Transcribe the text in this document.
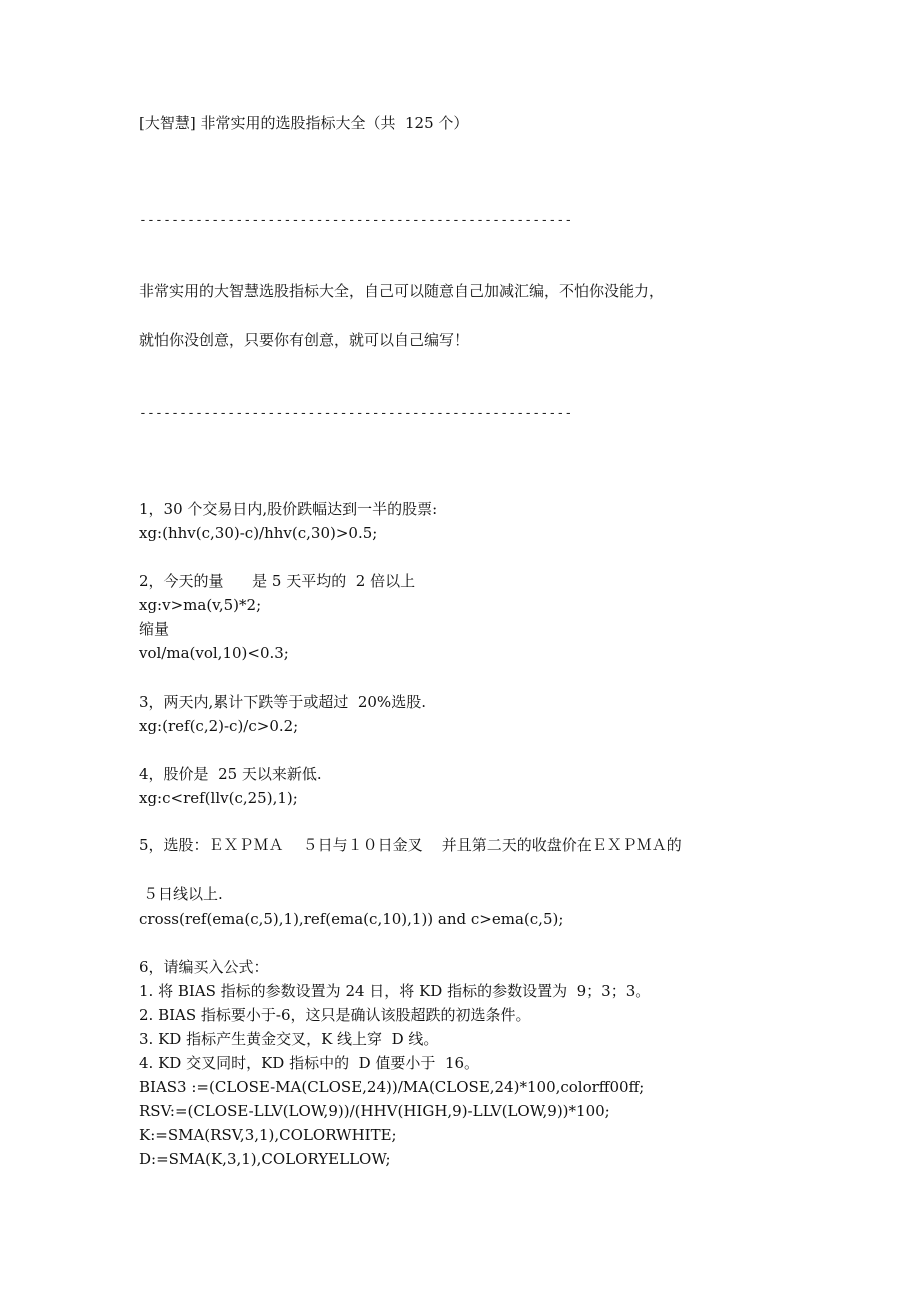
[大智慧] 非常实用的选股指标大全（共  125 个）
------------------------------------------------------
非常实用的大智慧选股指标大全，自己可以随意自己加减汇编，不怕你没能力，
就怕你没创意，只要你有创意，就可以自己编写！
------------------------------------------------------
1，30 个交易日内,股价跌幅达到一半的股票:
xg:(hhv(c,30)-c)/hhv(c,30)>0.5;
2，今天的量      是 5 天平均的  2 倍以上
xg:v>ma(v,5)*2;
缩量
vol/ma(vol,10)<0.3;
3，两天内,累计下跌等于或超过  20%选股.
xg:(ref(c,2)-c)/c>0.2;
4，股价是  25 天以来新低.
xg:c<ref(llv(c,25),1);
5，选股：ＥＸＰＭＡ    ５日与１０日金叉    并且第二天的收盘价在ＥＸＰＭＡ的
５日线以上.
cross(ref(ema(c,5),1),ref(ema(c,10),1)) and c>ema(c,5);
6，请编买入公式：
1. 将 BIAS 指标的参数设置为 24 日，将 KD 指标的参数设置为  9；3；3。
2. BIAS 指标要小于-6，这只是确认该股超跌的初选条件。
3. KD 指标产生黄金交叉，K 线上穿  D 线。
4. KD 交叉同时，KD 指标中的  D 值要小于  16。
BIAS3 :=(CLOSE-MA(CLOSE,24))/MA(CLOSE,24)*100,colorff00ff;
RSV:=(CLOSE-LLV(LOW,9))/(HHV(HIGH,9)-LLV(LOW,9))*100;
K:=SMA(RSV,3,1),COLORWHITE;
D:=SMA(K,3,1),COLORYELLOW;
